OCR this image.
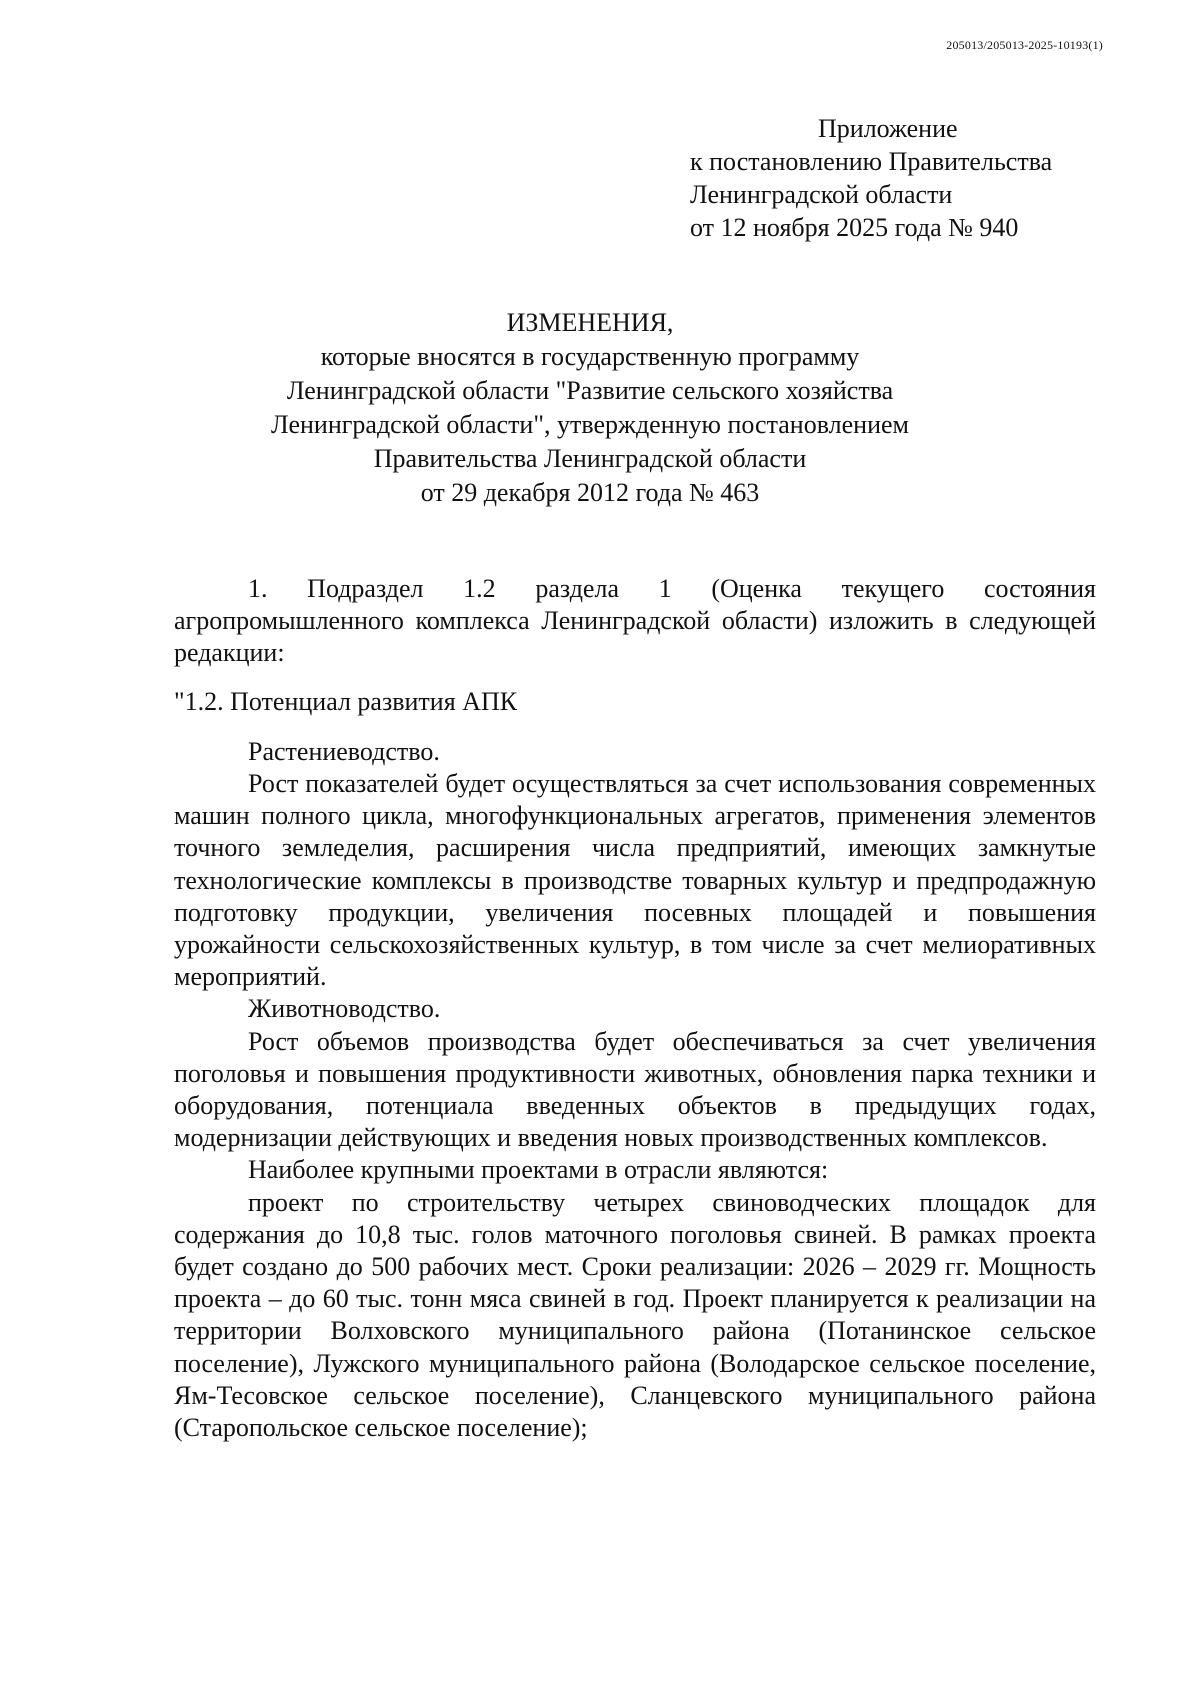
205013/205013-2025-10193(1)
Приложение
к постановлению Правительства
Ленинградской области
от 12 ноября 2025 года № 940
ИЗМЕНЕНИЯ,
которые вносятся в государственную программу
Ленинградской области "Развитие сельского хозяйства
Ленинградской области", утвержденную постановлением
Правительства Ленинградской области
от 29 декабря 2012 года № 463

1. Подраздел 1.2 раздела 1 (Оценка текущего состояния агропромышленного комплекса Ленинградской области) изложить в следующей редакции:

"1.2. Потенциал развития АПК

Растениеводство.

Рост показателей будет осуществляться за счет использования современных машин полного цикла, многофункциональных агрегатов, применения элементов точного земледелия, расширения числа предприятий, имеющих замкнутые технологические комплексы в производстве товарных культур и предпродажную подготовку продукции, увеличения посевных площадей и повышения урожайности сельскохозяйственных культур, в том числе за счет мелиоративных мероприятий.

Животноводство.

Рост объемов производства будет обеспечиваться за счет увеличения поголовья и повышения продуктивности животных, обновления парка техники и оборудования, потенциала введенных объектов в предыдущих годах, модернизации действующих и введения новых производственных комплексов.

Наиболее крупными проектами в отрасли являются:

проект по строительству четырех свиноводческих площадок для содержания до 10,8 тыс. голов маточного поголовья свиней. В рамках проекта будет создано до 500 рабочих мест. Сроки реализации: 2026 – 2029 гг. Мощность проекта – до 60 тыс. тонн мяса свиней в год. Проект планируется к реализации на территории Волховского муниципального района (Потанинское сельское поселение), Лужского муниципального района (Володарское сельское поселение, Ям-Тесовское сельское поселение), Сланцевского муниципального района (Старопольское сельское поселение);
